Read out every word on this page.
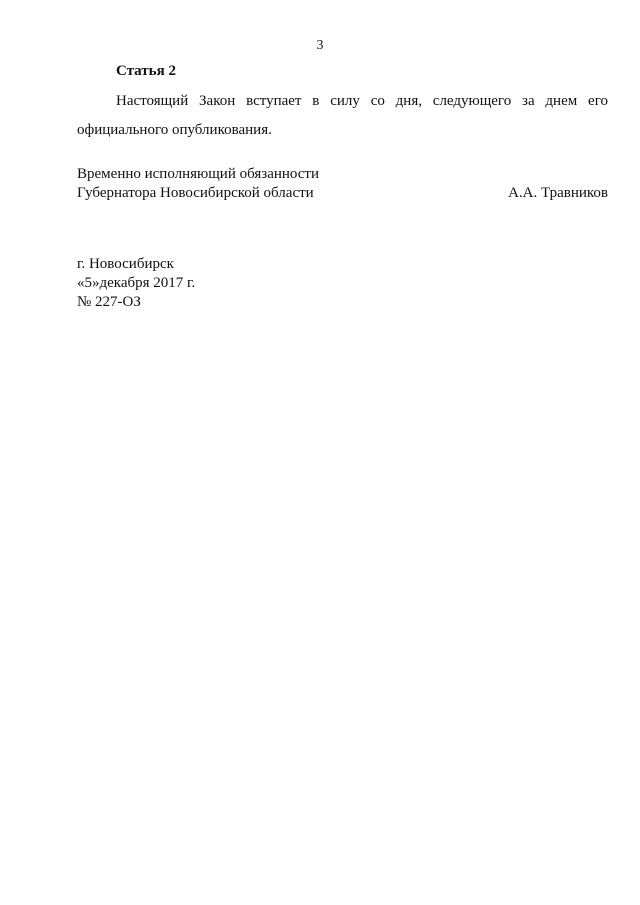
3
Статья 2

Настоящий Закон вступает в силу со дня, следующего за днем его официального опубликования.

Временно исполняющий обязанности
Губернатора Новосибирской области	А.А. Травников
г. Новосибирск
«5»декабря 2017 г.
№ 227-ОЗ
